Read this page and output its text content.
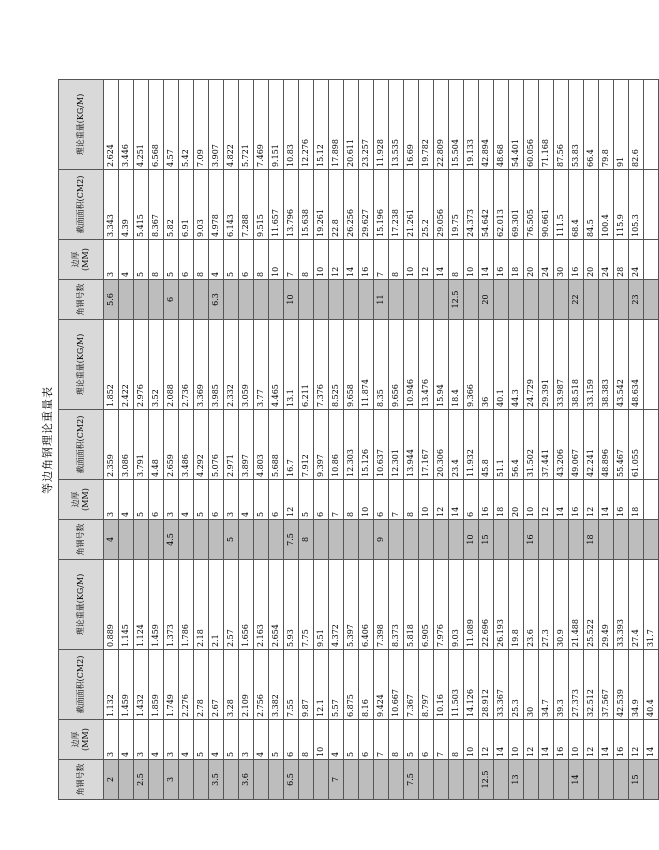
等边角钢理论重量表
角钢号数	边厚(MM)	截面面积(CM2)	理论重量(KG/M)	角钢号数	边厚(MM)	截面面积(CM2)	理论重量(KG/M)	角钢号数	边厚(MM)	截面面积(CM2)	理论重量(KG/M)
2	3	1.132	0.889	4	3	2.359	1.852	5.6	3	3.343	2.624
	4	1.459	1.145		4	3.086	2.422		4	4.39	3.446
2.5	3	1.432	1.124		5	3.791	2.976		5	5.415	4.251
	4	1.859	1.459		6	4.48	3.52		8	8.367	6.568
3	3	1.749	1.373	4.5	3	2.659	2.088	6	5	5.82	4.57
	4	2.276	1.786		4	3.486	2.736		6	6.91	5.42
	5	2.78	2.18		5	4.292	3.369		8	9.03	7.09
3.5	4	2.67	2.1		6	5.076	3.985	6.3	4	4.978	3.907
	5	3.28	2.57	5	3	2.971	2.332		5	6.143	4.822
3.6	3	2.109	1.656		4	3.897	3.059		6	7.288	5.721
	4	2.756	2.163		5	4.803	3.77		8	9.515	7.469
	5	3.382	2.654		6	5.688	4.465		10	11.657	9.151
6.5	6	7.55	5.93	7.5	12	16.7	13.1	10	7	13.796	10.83
	8	9.87	7.75	8	5	7.912	6.211		8	15.638	12.276
	10	12.1	9.51		6	9.397	7.376		10	19.261	15.12
7	4	5.57	4.372		7	10.86	8.525		12	22.8	17.898
	5	6.875	5.397		8	12.303	9.658		14	26.256	20.611
	6	8.16	6.406		10	15.126	11.874		16	29.627	23.257
	7	9.424	7.398	9	6	10.637	8.35	11	7	15.196	11.928
	8	10.667	8.373		7	12.301	9.656		8	17.238	13.535
7.5	5	7.367	5.818		8	13.944	10.946		10	21.261	16.69
	6	8.797	6.905		10	17.167	13.476		12	25.2	19.782
	7	10.16	7.976		12	20.306	15.94		14	29.056	22.809
	8	11.503	9.03		14	23.4	18.4	12.5	8	19.75	15.504
	10	14.126	11.089	10	6	11.932	9.366		10	24.373	19.133
12.5	12	28.912	22.696	15	16	45.8	36	20	14	54.642	42.894
	14	33.367	26.193		18	51.1	40.1		16	62.013	48.68
13	10	25.3	19.8		20	56.4	44.3		18	69.301	54.401
	12	30	23.6	16	10	31.502	24.729		20	76.505	60.056
	14	34.7	27.3		12	37.441	29.391		24	90.661	71.168
	16	39.3	30.9		14	43.206	33.987		30	111.5	87.56
14	10	27.373	21.488		16	49.067	38.518	22	16	68.4	53.83
	12	32.512	25.522	18	12	42.241	33.159		20	84.5	66.4
	14	37.567	29.49		14	48.896	38.383		24	100.4	79.8
	16	42.539	33.393		16	55.467	43.542		28	115.9	91
15	12	34.9	27.4		18	61.055	48.634	23	24	105.3	82.6
	14	40.4	31.7								
